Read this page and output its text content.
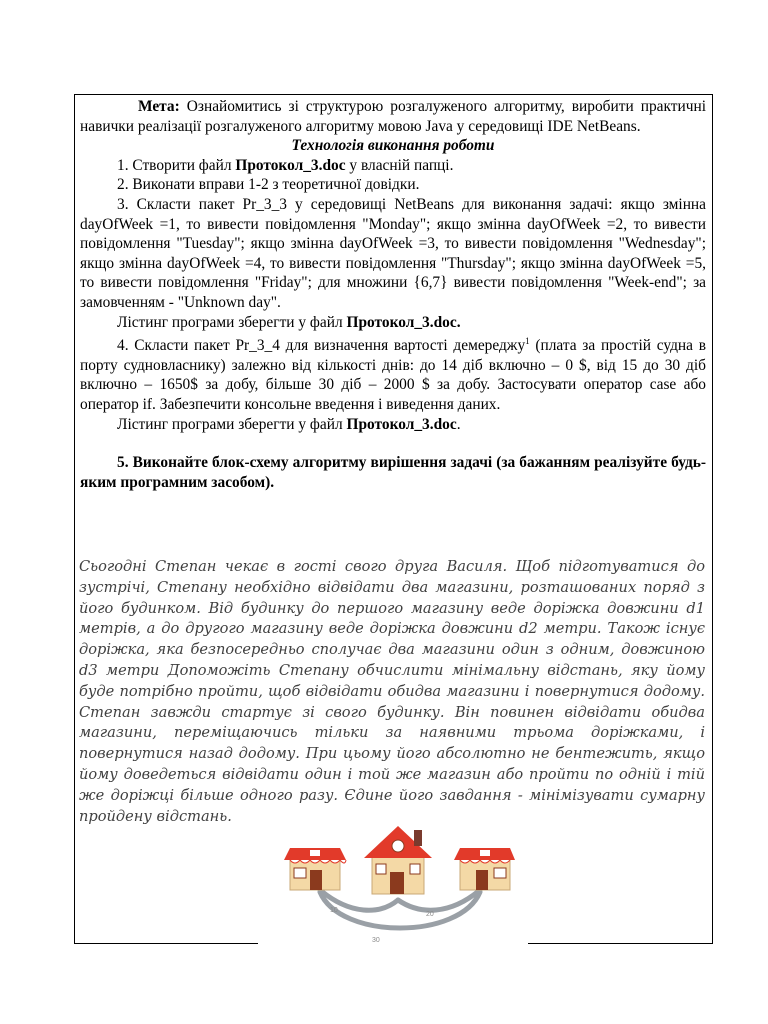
Мета: Ознайомитись зі структурою розгалуженого алгоритму, виробити практичні навички реалізації розгалуженого алгоритму мовою Java у середовищі IDE NetBeans.

Технологія виконання роботи

1. Створити файл Протокол_3.doc у власній папці.

2. Виконати вправи 1-2 з теоретичної довідки.

3. Скласти пакет Pr_3_3 у середовищі NetBeans для виконання задачі: якщо змінна dayOfWeek =1, то вивести повідомлення "Monday"; якщо змінна dayOfWeek =2, то вивести повідомлення "Tuesday"; якщо змінна dayOfWeek =3, то вивести повідомлення "Wednesday"; якщо змінна dayOfWeek =4, то вивести повідомлення "Thursday"; якщо змінна dayOfWeek =5, то вивести повідомлення "Friday"; для множини {6,7} вивести повідомлення "Week-end"; за замовченням - "Unknown day".

Лістинг програми зберегти у файл Протокол_3.doc.

4. Скласти пакет Pr_3_4 для визначення вартості демереджу$^1$ (плата за простій судна в порту судновласнику) залежно від кількості днів: до 14 діб включно – 0 $, від 15 до 30 діб включно – 1650$ за добу, більше 30 діб – 2000 $ за добу. Застосувати оператор case або оператор if. Забезпечити консольне введення і виведення даних.

Лістинг програми зберегти у файл Протокол_3.doc.

5. Виконайте блок-схему алгоритму вирішення задачі (за бажанням реалізуйте будь-яким програмним засобом).

Сьогодні Степан чекає в гості свого друга Василя. Щоб підготуватися до зустрічі, Степану необхідно відвідати два магазини, розташованих поряд з його будинком. Від будинку до першого магазину веде доріжка довжини d1 метрів, а до другого магазину веде доріжка довжини d2 метри. Також існує доріжка, яка безпосередньо сполучає два магазини один з одним, довжиною d3 метри Допоможіть Степану обчислити мінімальну відстань, яку йому буде потрібно пройти, щоб відвідати обидва магазини і повернутися додому. Степан завжди стартує зі свого будинку. Він повинен відвідати обидва магазини, переміщаючись тільки за наявними трьома доріжками, і повернутися назад додому. При цьому його абсолютно не бентежить, якщо йому доведеться відвідати один і той же магазин або пройти по одній і тій же доріжці більше одного разу. Єдине його завдання - мінімізувати сумарну пройдену відстань.
10
20
30
